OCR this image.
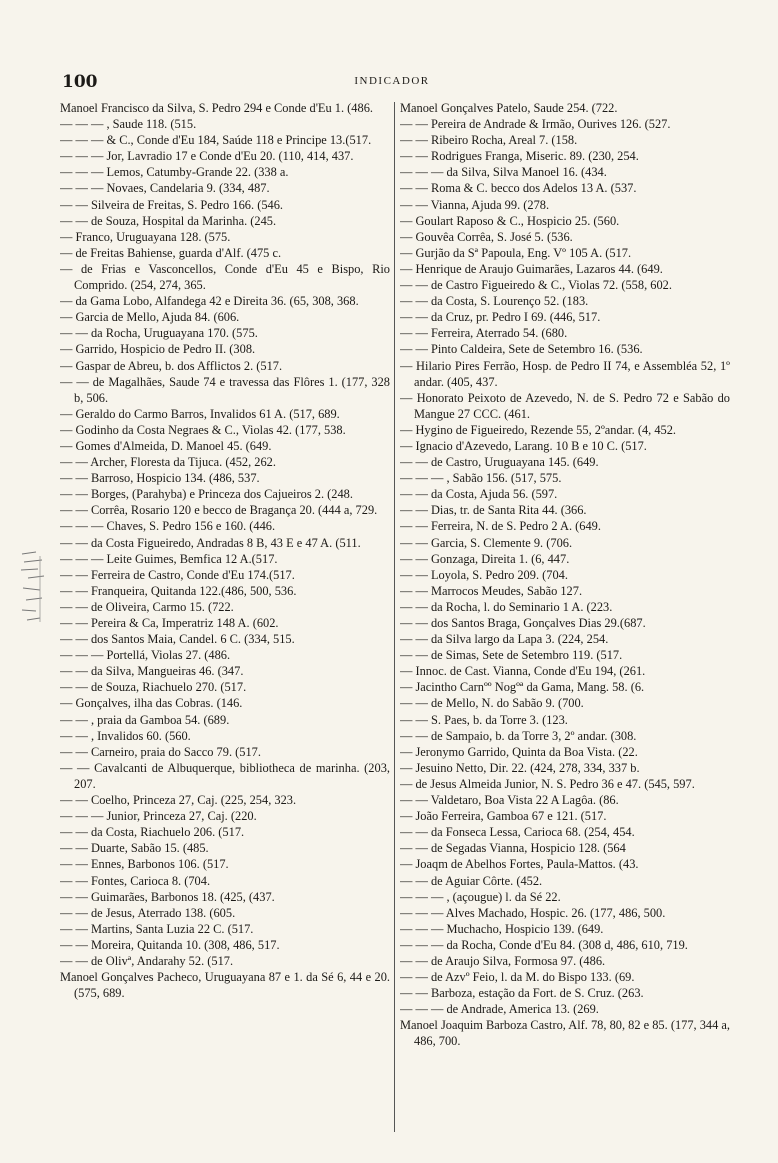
100	INDICADOR
Manoel Francisco da Silva, S. Pedro 294 e Conde d'Eu 1. (486.
— — — , Saude 118. (515.
— — — & C., Conde d'Eu 184, Saúde 118 e Principe 13.(517.
— — — Jor, Lavradio 17 e Conde d'Eu 20. (110, 414, 437.
— — — Lemos, Catumby-Grande 22. (338 a.
— — — Novaes, Candelaria 9. (334, 487.
— — Silveira de Freitas, S. Pedro 166. (546.
— — de Souza, Hospital da Marinha. (245.
— Franco, Uruguayana 128. (575.
— de Freitas Bahiense, guarda d'Alf. (475 c.
— de Frias e Vasconcellos, Conde d'Eu 45 e Bispo, Rio Comprido. (254, 274, 365.
— da Gama Lobo, Alfandega 42 e Direita 36. (65, 308, 368.
— Garcia de Mello, Ajuda 84. (606.
— — da Rocha, Uruguayana 170. (575.
— Garrido, Hospicio de Pedro II. (308.
— Gaspar de Abreu, b. dos Afflictos 2. (517.
— — de Magalhães, Saude 74 e travessa das Flôres 1. (177, 328 b, 506.
— Geraldo do Carmo Barros, Invalidos 61 A. (517, 689.
— Godinho da Costa Negraes & C., Violas 42. (177, 538.
— Gomes d'Almeida, D. Manoel 45. (649.
— — Archer, Floresta da Tijuca. (452, 262.
— — Barroso, Hospicio 134. (486, 537.
— — Borges, (Parahyba) e Princeza dos Cajueiros 2. (248.
— — Corrêa, Rosario 120 e becco de Bragança 20. (444 a, 729.
— — — Chaves, S. Pedro 156 e 160. (446.
— — da Costa Figueiredo, Andradas 8 B, 43 E e 47 A. (511.
— — — Leite Guimes, Bemfica 12 A.(517.
— — Ferreira de Castro, Conde d'Eu 174.(517.
— — Franqueira, Quitanda 122.(486, 500, 536.
— — de Oliveira, Carmo 15. (722.
— — Pereira & Ca, Imperatriz 148 A. (602.
— — dos Santos Maia, Candel. 6 C. (334, 515.
— — — Portellá, Violas 27. (486.
— — da Silva, Mangueiras 46. (347.
— — de Souza, Riachuelo 270. (517.
— Gonçalves, ilha das Cobras. (146.
— — , praia da Gamboa 54. (689.
— — , Invalidos 60. (560.
— — Carneiro, praia do Sacco 79. (517.
— — Cavalcanti de Albuquerque, bibliotheca de marinha. (203, 207.
— — Coelho, Princeza 27, Caj. (225, 254, 323.
— — — Junior, Princeza 27, Caj. (220.
— — da Costa, Riachuelo 206. (517.
— — Duarte, Sabão 15. (485.
— — Ennes, Barbonos 106. (517.
— — Fontes, Carioca 8. (704.
— — Guimarães, Barbonos 18. (425, (437.
— — de Jesus, Aterrado 138. (605.
— — Martins, Santa Luzia 22 C. (517.
— — Moreira, Quitanda 10. (308, 486, 517.
— — de Olivª, Andarahy 52. (517.
Manoel Gonçalves Pacheco, Uruguayana 87 e 1. da Sé 6, 44 e 20. (575, 689.
Manoel Gonçalves Patelo, Saude 254. (722.
— — Pereira de Andrade & Irmão, Ourives 126. (527.
— — Ribeiro Rocha, Areal 7. (158.
— — Rodrigues Franga, Miseric. 89. (230, 254.
— — — da Silva, Silva Manoel 16. (434.
— — Roma & C. becco dos Adelos 13 A. (537.
— — Vianna, Ajuda 99. (278.
— Goulart Raposo & C., Hospicio 25. (560.
— Gouvêa Corrêa, S. José 5. (536.
— Gurjão da Sª Papoula, Eng. Vº 105 A. (517.
— Henrique de Araujo Guimarães, Lazaros 44. (649.
— — de Castro Figueiredo & C., Violas 72. (558, 602.
— — da Costa, S. Lourenço 52. (183.
— — da Cruz, pr. Pedro I 69. (446, 517.
— — Ferreira, Aterrado 54. (680.
— — Pinto Caldeira, Sete de Setembro 16. (536.
— Hilario Pires Ferrão, Hosp. de Pedro II 74, e Assembléa 52, 1º andar. (405, 437.
— Honorato Peixoto de Azevedo, N. de S. Pedro 72 e Sabão do Mangue 27 CCC. (461.
— Hygino de Figueiredo, Rezende 55, 2ºandar. (4, 452.
— Ignacio d'Azevedo, Larang. 10 B e 10 C. (517.
— — de Castro, Uruguayana 145. (649.
— — — , Sabão 156. (517, 575.
— — da Costa, Ajuda 56. (597.
— — Dias, tr. de Santa Rita 44. (366.
— — Ferreira, N. de S. Pedro 2 A. (649.
— — Garcia, S. Clemente 9. (706.
— — Gonzaga, Direita 1. (6, 447.
— — Loyola, S. Pedro 209. (704.
— — Marrocos Meudes, Sabão 127.
— — da Rocha, l. do Seminario 1 A. (223.
— — dos Santos Braga, Gonçalves Dias 29.(687.
— — da Silva largo da Lapa 3. (224, 254.
— — de Simas, Sete de Setembro 119. (517.
— Innoc. de Cast. Vianna, Conde d'Eu 194, (261.
— Jacintho Carnºº Nogºª da Gama, Mang. 58. (6.
— — de Mello, N. do Sabão 9. (700.
— — S. Paes, b. da Torre 3. (123.
— — de Sampaio, b. da Torre 3, 2º andar. (308.
— Jeronymo Garrido, Quinta da Boa Vista. (22.
— Jesuino Netto, Dir. 22. (424, 278, 334, 337 b.
— de Jesus Almeida Junior, N. S. Pedro 36 e 47. (545, 597.
— — Valdetaro, Boa Vista 22 A Lagôa. (86.
— João Ferreira, Gamboa 67 e 121. (517.
— — da Fonseca Lessa, Carioca 68. (254, 454.
— — de Segadas Vianna, Hospicio 128. (564
— Joaqm de Abelhos Fortes, Paula-Mattos. (43.
— — de Aguiar Côrte. (452.
— — — , (açougue) l. da Sé 22.
— — — Alves Machado, Hospic. 26. (177, 486, 500.
— — — Muchacho, Hospicio 139. (649.
— — — da Rocha, Conde d'Eu 84. (308 d, 486, 610, 719.
— — de Araujo Silva, Formosa 97. (486.
— — de Azvº Feio, l. da M. do Bispo 133. (69.
— — Barboza, estação da Fort. de S. Cruz. (263.
— — — de Andrade, America 13. (269.
Manoel Joaquim Barboza Castro, Alf. 78, 80, 82 e 85. (177, 344 a, 486, 700.
